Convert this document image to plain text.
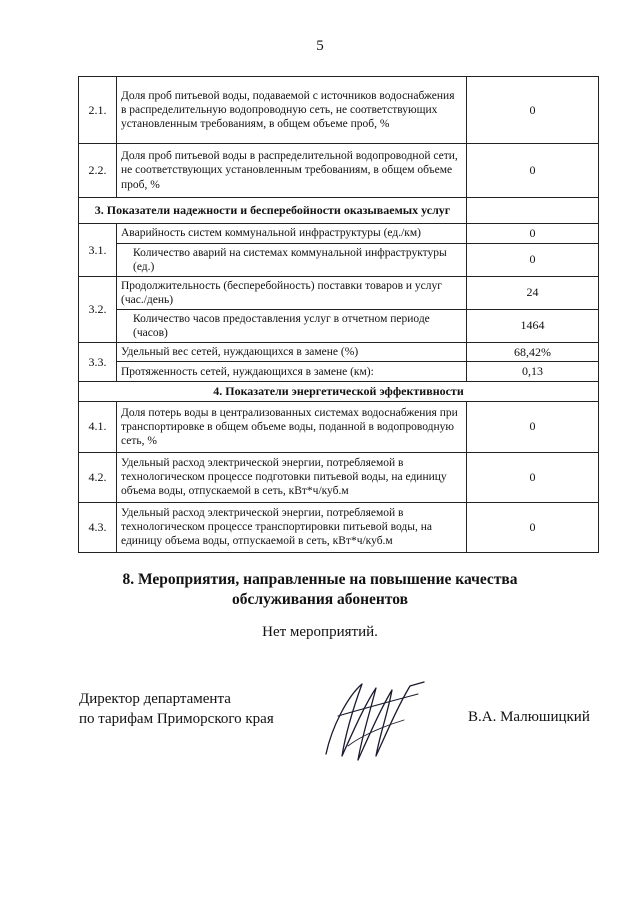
5
2.1.	Доля проб питьевой воды, подаваемой с источников водоснабжения в распределительную водопроводную сеть, не соответствующих установленным требованиям, в общем объеме проб, %	0
2.2.	Доля проб питьевой воды в распределительной водопроводной сети, не соответствующих установленным требованиям, в общем объеме проб, %	0
3. Показатели надежности и бесперебойности оказываемых услуг		
3.1.	Аварийность систем коммунальной инфраструктуры (ед./км)	0
	Количество аварий на системах коммунальной инфраструктуры (ед.)	0
3.2.	Продолжительность (бесперебойность) поставки товаров и услуг (час./день)	24
	Количество часов предоставления услуг в отчетном периоде (часов)	1464
3.3.	Удельный вес сетей, нуждающихся в замене (%)	68,42%
	Протяженность сетей, нуждающихся в замене (км):	0,13
4. Показатели энергетической эффективности		
4.1.	Доля потерь воды в централизованных системах водоснабжения при транспортировке в общем объеме воды, поданной в водопроводную сеть, %	0
4.2.	Удельный расход электрической энергии, потребляемой в технологическом процессе подготовки питьевой воды, на единицу объема воды, отпускаемой в сеть, кВт*ч/куб.м	0
4.3.	Удельный расход электрической энергии, потребляемой в технологическом процессе транспортировки питьевой воды, на единицу объема воды, отпускаемой в сеть, кВт*ч/куб.м	0
8. Мероприятия, направленные на повышение качества
обслуживания абонентов
Нет мероприятий.
Директор департамента
по тарифам Приморского края	В.А. Малюшицкий
